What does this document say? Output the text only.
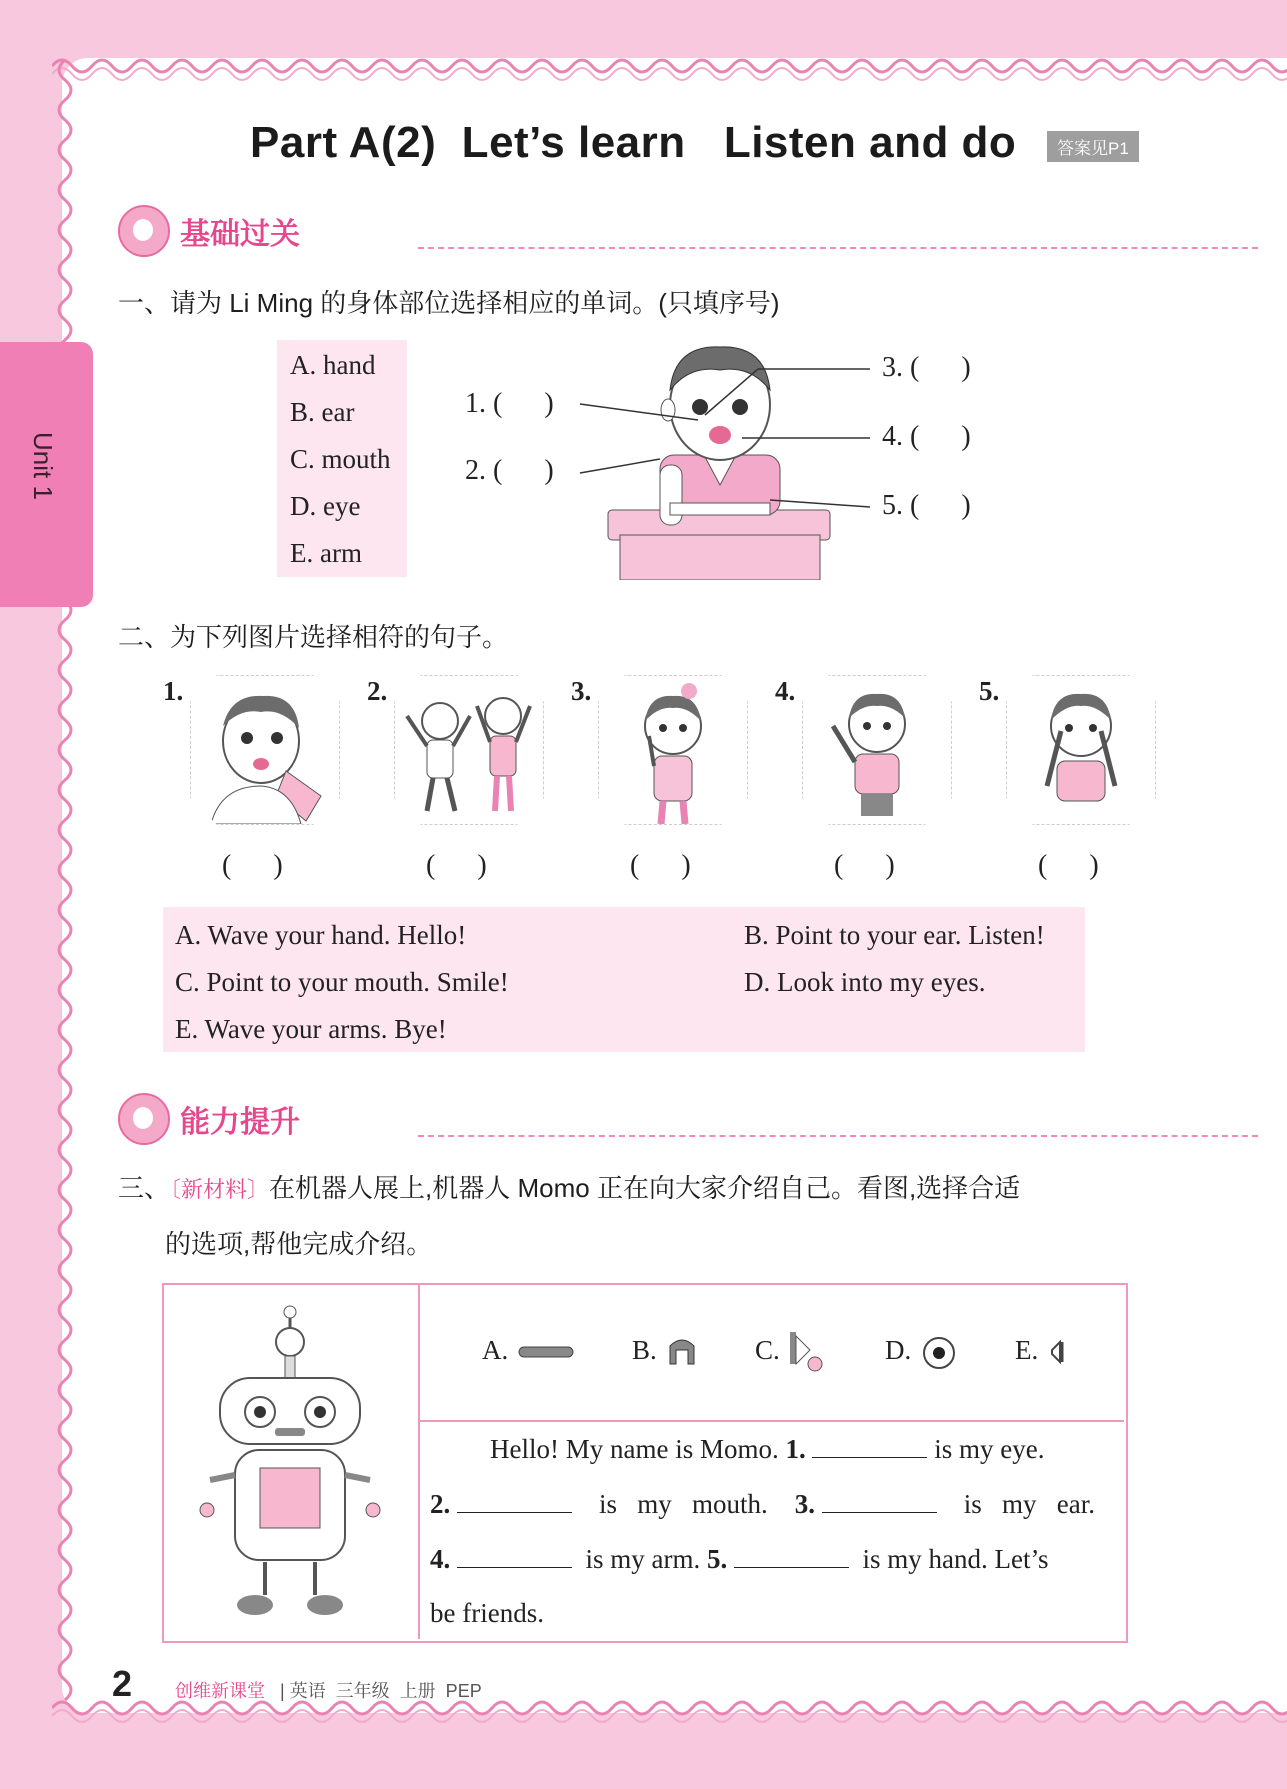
Unit 1
Part A(2)  Let’s learn   Listen and do	答案见P1
基础过关
一、请为 Li Ming 的身体部位选择相应的单词。(只填序号)
A. hand
B. ear
C. mouth
D. eye
E. arm
1. (      )
2. (      )
3. (      )
4. (      )
5. (      )
二、为下列图片选择相符的句子。
1.	2.	3.	4.	5.
(      )	(      )	(      )	(      )	(      )
A. Wave your hand. Hello!	B. Point to your ear. Listen!
C. Point to your mouth. Smile!	D. Look into my eyes.
E. Wave your arms. Bye!
能力提升
三、〔新材料〕在机器人展上,机器人 Momo 正在向大家介绍自己。看图,选择合适
的选项,帮他完成介绍。
A.	B.	C.	D.	E.
Hello! My name is Momo. 1.	is my eye.
2.	is   my   mouth. 3.	is   my   ear.
4.	is my arm. 5.	is my hand. Let’s
be friends.
2 创维新课堂 | 英语  三年级  上册  PEP
